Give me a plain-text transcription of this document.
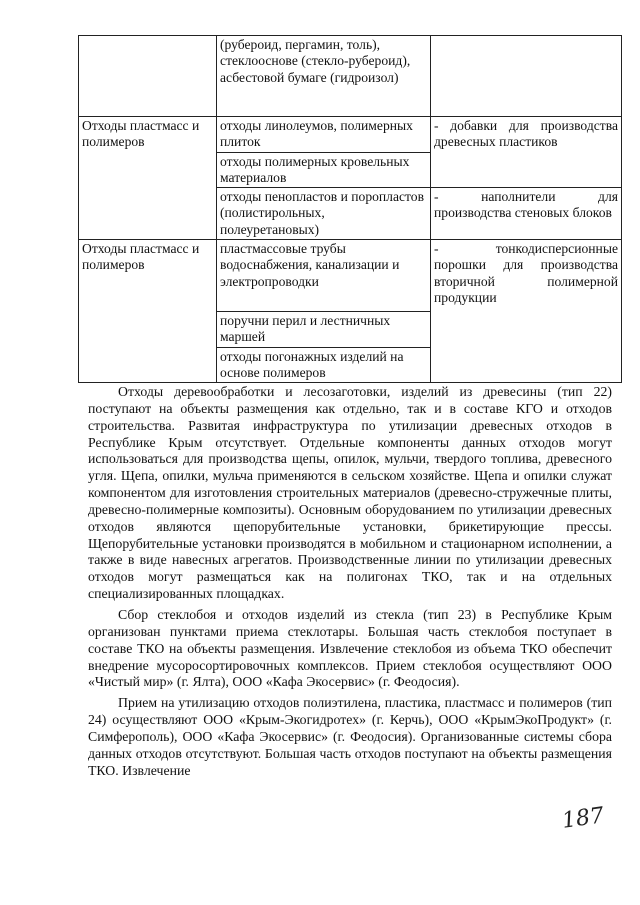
	(рубероид, пергамин, толь), стеклоосновe (стекло-рубероид), асбестовой бумаге (гидроизол)	
Отходы пластмасс и полимеров	отходы линолеумов, полимерных плиток	- добавки для производства древесных пластиков
	отходы полимерных кровельных материалов	
	отходы пенопластов и поропластов (полистирольных, полеуретановых)	- наполнители для производства стеновых блоков
Отходы пластмасс и полимеров	пластмассовые трубы водоснабжения, канализации и электропроводки	- тонкодисперсионные порошки для производства вторичной полимерной продукции
	поручни перил и лестничных маршей	
	отходы погонажных изделий на основе полимеров	

Отходы деревообработки и лесозаготовки, изделий из древесины (тип 22) поступают на объекты размещения как отдельно, так и в составе КГО и отходов строительства. Развитая инфраструктура по утилизации древесных отходов в Республике Крым отсутствует. Отдельные компоненты данных отходов могут использоваться для производства щепы, опилок, мульчи, твердого топлива, древесного угля. Щепа, опилки, мульча применяются в сельском хозяйстве. Щепа и опилки служат компонентом для изготовления строительных материалов (древесно-стружечные плиты, древесно-полимерные композиты). Основным оборудованием по утилизации древесных отходов являются щепорубительные установки, брикетирующие прессы. Щепорубительные установки производятся в мобильном и стационарном исполнении, а также в виде навесных агрегатов. Производственные линии по утилизации древесных отходов могут размещаться как на полигонах ТКО, так и на отдельных специализированных площадках.

Сбор стеклобоя и отходов изделий из стекла (тип 23) в Республике Крым организован пунктами приема стеклотары. Большая часть стеклобоя поступает в составе ТКО на объекты размещения. Извлечение стеклобоя из объема ТКО обеспечит внедрение мусоросортировочных комплексов. Прием стеклобоя осуществляют ООО «Чистый мир» (г. Ялта), ООО «Кафа Экосервис» (г. Феодосия).

Прием на утилизацию отходов полиэтилена, пластика, пластмасс и полимеров (тип 24) осуществляют ООО «Крым-Экогидротех» (г. Керчь), ООО «КрымЭкоПродукт» (г. Симферополь), ООО «Кафа Экосервис» (г. Феодосия). Организованные системы сбора данных отходов отсутствуют. Большая часть отходов поступают на объекты размещения ТКО. Извлечение

187
